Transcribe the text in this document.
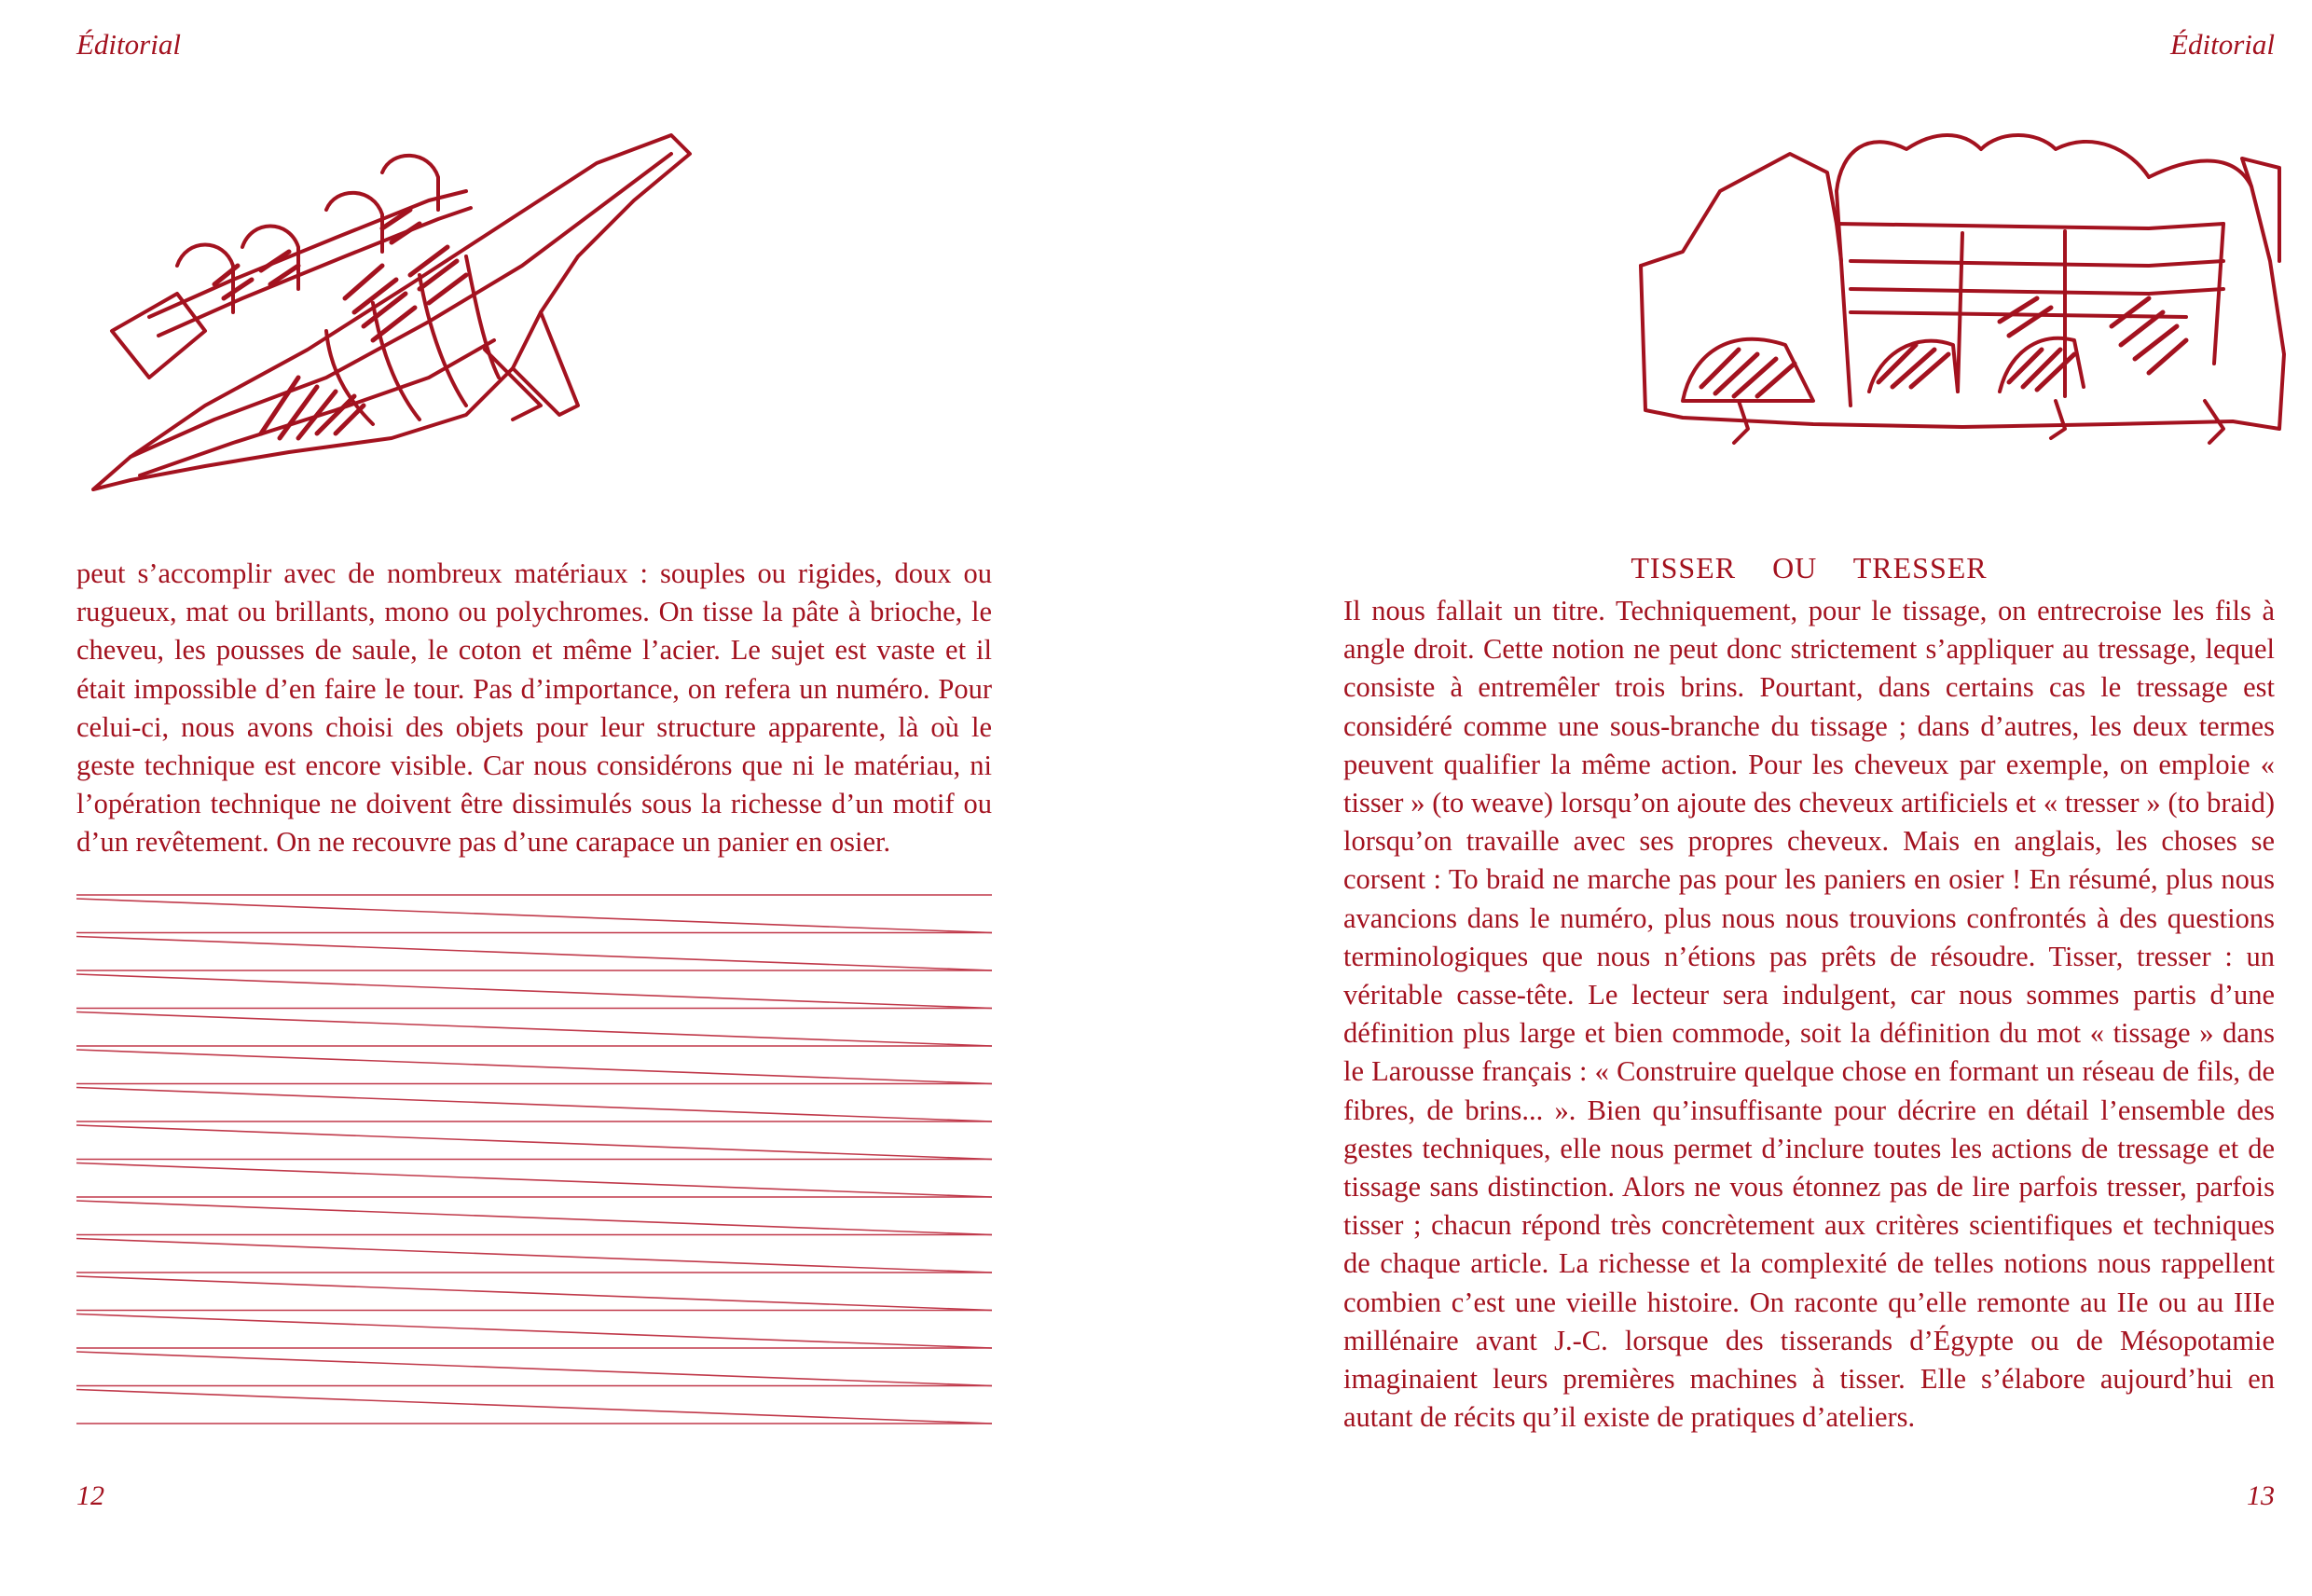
Éditorial

peut s’accomplir avec de nombreux matériaux : souples ou rigides, doux ou rugueux, mat ou brillants, mono ou polychromes. On tisse la pâte à brioche, le cheveu, les pousses de saule, le coton et même l’acier. Le sujet est vaste et il était impossible d’en faire le tour. Pas d’importance, on refera un numéro. Pour celui-ci, nous avons choisi des objets pour leur structure apparente, là où le geste technique est encore visible. Car nous considérons que ni le matériau, ni l’opération technique ne doivent être dissimulés sous la richesse d’un motif ou d’un revêtement. On ne recouvre pas d’une carapace un panier en osier.

12
Éditorial
TISSER OU TRESSER

Il nous fallait un titre. Techniquement, pour le tissage, on entrecroise les fils à angle droit. Cette notion ne peut donc strictement s’appliquer au tressage, lequel consiste à entremêler trois brins. Pourtant, dans certains cas le tressage est considéré comme une sous-branche du tissage ; dans d’autres, les deux termes peuvent qualifier la même action. Pour les cheveux par exemple, on emploie « tisser » (to weave) lorsqu’on ajoute des cheveux artificiels et « tresser » (to braid) lorsqu’on travaille avec ses propres cheveux. Mais en anglais, les choses se corsent : To braid ne marche pas pour les paniers en osier ! En résumé, plus nous avancions dans le numéro, plus nous nous trouvions confrontés à des questions terminologiques que nous n’étions pas prêts de résoudre. Tisser, tresser : un véritable casse-tête. Le lecteur sera indulgent, car nous sommes partis d’une définition plus large et bien commode, soit la définition du mot « tissage » dans le Larousse français : « Construire quelque chose en formant un réseau de fils, de fibres, de brins... ». Bien qu’insuffisante pour décrire en détail l’ensemble des gestes techniques, elle nous permet d’inclure toutes les actions de tressage et de tissage sans distinction. Alors ne vous étonnez pas de lire parfois tresser, parfois tisser ; chacun répond très concrètement aux critères scientifiques et techniques de chaque article. La richesse et la complexité de telles notions nous rappellent combien c’est une vieille histoire. On raconte qu’elle remonte au IIe ou au IIIe millénaire avant J.-C. lorsque des tisserands d’Égypte ou de Mésopotamie imaginaient leurs premières machines à tisser. Elle s’élabore aujourd’hui en autant de récits qu’il existe de pratiques d’ateliers.

13
